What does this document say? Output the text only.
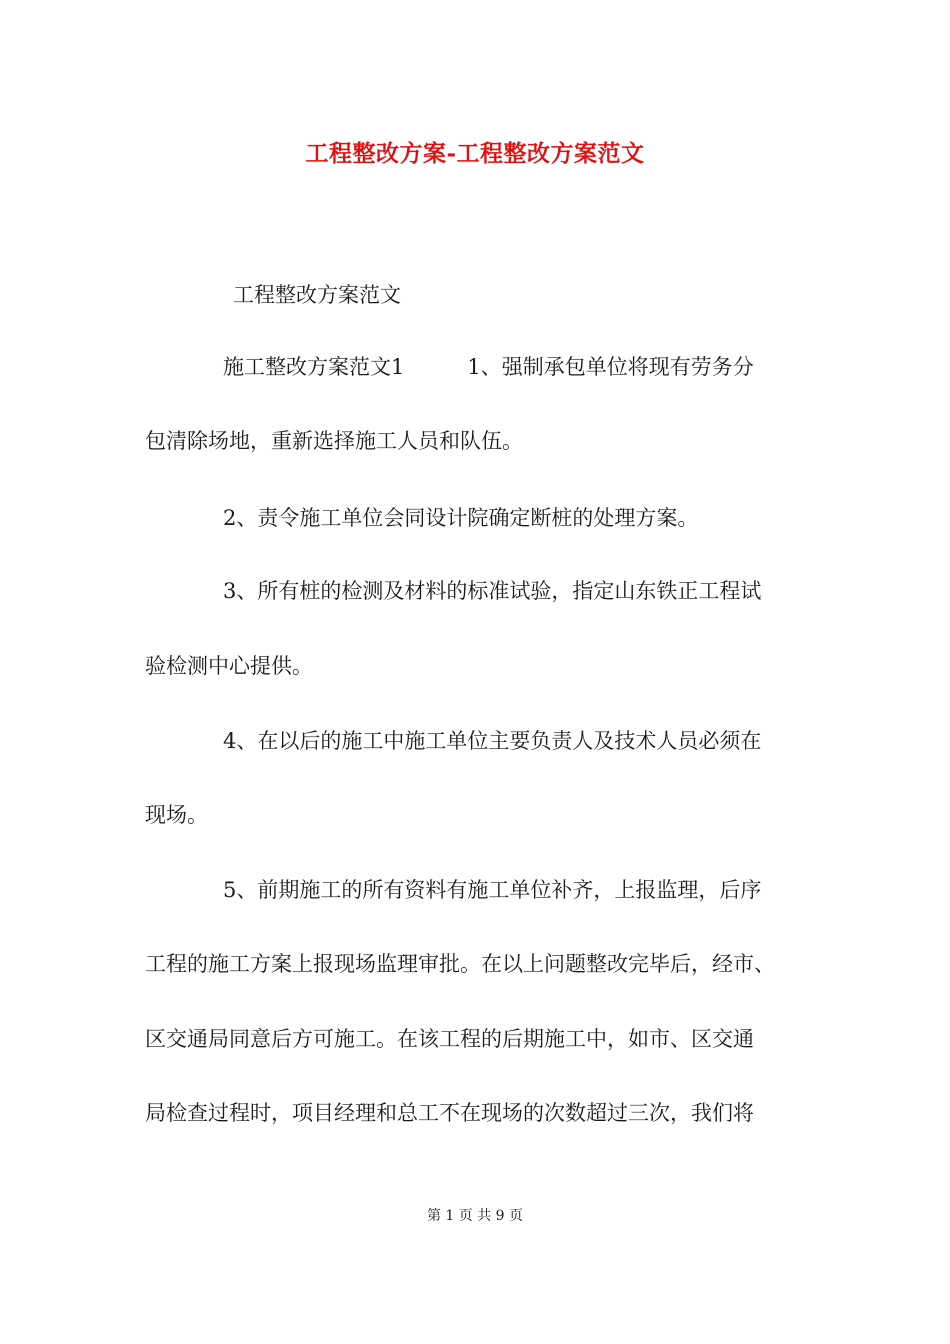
工程整改方案-工程整改方案范文

工程整改方案范文

施工整改方案范文1　　　1、强制承包单位将现有劳务分

包清除场地，重新选择施工人员和队伍。

2、责令施工单位会同设计院确定断桩的处理方案。

3、所有桩的检测及材料的标准试验，指定山东铁正工程试

验检测中心提供。

4、在以后的施工中施工单位主要负责人及技术人员必须在

现场。

5、前期施工的所有资料有施工单位补齐，上报监理，后序

工程的施工方案上报现场监理审批。在以上问题整改完毕后，经市、

区交通局同意后方可施工。在该工程的后期施工中，如市、区交通

局检查过程时，项目经理和总工不在现场的次数超过三次，我们将

第 1 页 共 9 页
